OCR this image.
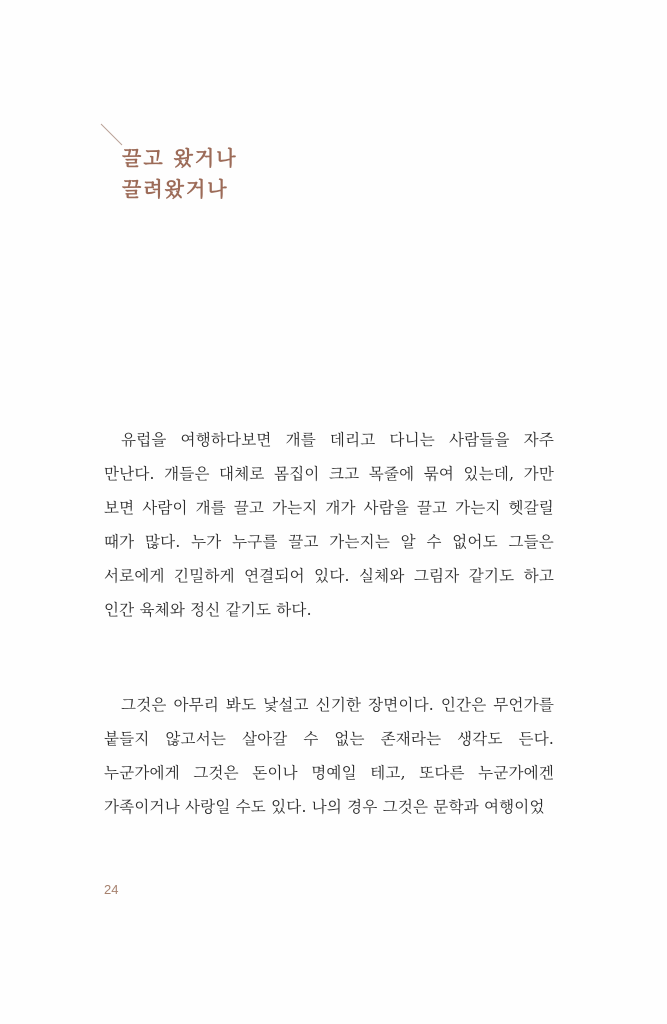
끌고 왔거나
끌려왔거나

유럽을 여행하다보면 개를 데리고 다니는 사람들을 자주 만난다. 개들은 대체로 몸집이 크고 목줄에 묶여 있는데, 가만 보면 사람이 개를 끌고 가는지 개가 사람을 끌고 가는지 헷갈릴 때가 많다. 누가 누구를 끌고 가는지는 알 수 없어도 그들은 서로에게 긴밀하게 연결되어 있다. 실체와 그림자 같기도 하고 인간 육체와 정신 같기도 하다.

그것은 아무리 봐도 낯설고 신기한 장면이다. 인간은 무언가를 붙들지 않고서는 살아갈 수 없는 존재라는 생각도 든다. 누군가에게 그것은 돈이나 명예일 테고, 또다른 누군가에겐 가족이거나 사랑일 수도 있다. 나의 경우 그것은 문학과 여행이었

24
